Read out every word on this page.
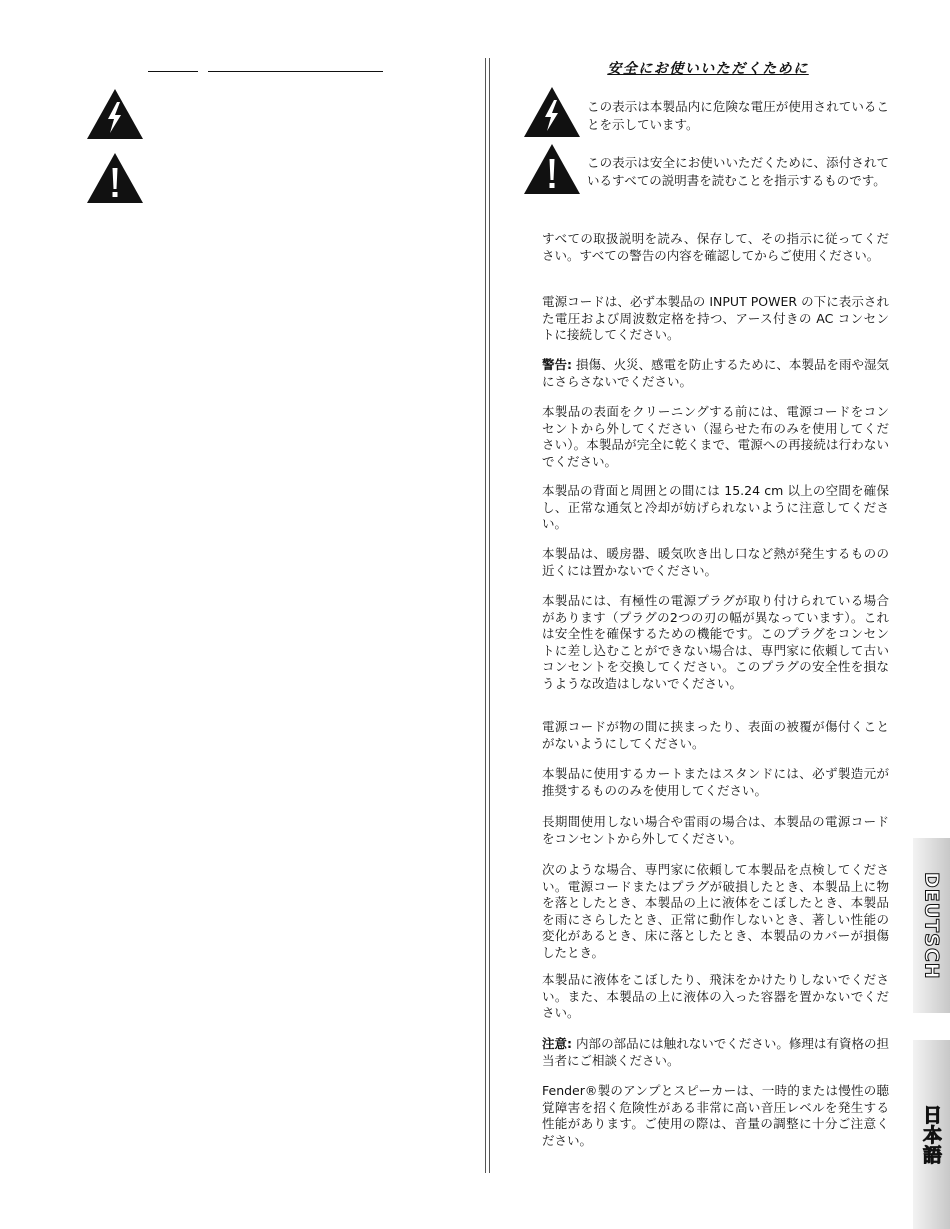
安全にお使いいただくために
この表示は本製品内に危険な電圧が使用されていることを示しています。
この表示は安全にお使いいただくために、添付されているすべての説明書を読むことを指示するものです。
すべての取扱説明を読み、保存して、その指示に従ってください。すべての警告の内容を確認してからご使用ください。
電源コードは、必ず本製品の INPUT POWER の下に表示された電圧および周波数定格を持つ、アース付きの AC コンセントに接続してください。
警告: 損傷、火災、感電を防止するために、本製品を雨や湿気にさらさないでください。
本製品の表面をクリーニングする前には、電源コードをコンセントから外してください（湿らせた布のみを使用してください）。本製品が完全に乾くまで、電源への再接続は行わないでください。
本製品の背面と周囲との間には 15.24 cm 以上の空間を確保し、正常な通気と冷却が妨げられないように注意してください。
本製品は、暖房器、暖気吹き出し口など熱が発生するものの近くには置かないでください。
本製品には、有極性の電源プラグが取り付けられている場合があります（プラグの2つの刃の幅が異なっています）。これは安全性を確保するための機能です。このプラグをコンセントに差し込むことができない場合は、専門家に依頼して古いコンセントを交換してください。このプラグの安全性を損なうような改造はしないでください。
電源コードが物の間に挟まったり、表面の被覆が傷付くことがないようにしてください。
本製品に使用するカートまたはスタンドには、必ず製造元が推奨するもののみを使用してください。
長期間使用しない場合や雷雨の場合は、本製品の電源コードをコンセントから外してください。
次のような場合、専門家に依頼して本製品を点検してください。電源コードまたはプラグが破損したとき、本製品上に物を落としたとき、本製品の上に液体をこぼしたとき、本製品を雨にさらしたとき、正常に動作しないとき、著しい性能の変化があるとき、床に落としたとき、本製品のカバーが損傷したとき。
本製品に液体をこぼしたり、飛沫をかけたりしないでください。また、本製品の上に液体の入った容器を置かないでください。
注意: 内部の部品には触れないでください。修理は有資格の担当者にご相談ください。
Fender®製のアンプとスピーカーは、一時的または慢性の聴覚障害を招く危険性がある非常に高い音圧レベルを発生する性能があります。ご使用の際は、音量の調整に十分ご注意ください。
DEUTSCH
日本語
